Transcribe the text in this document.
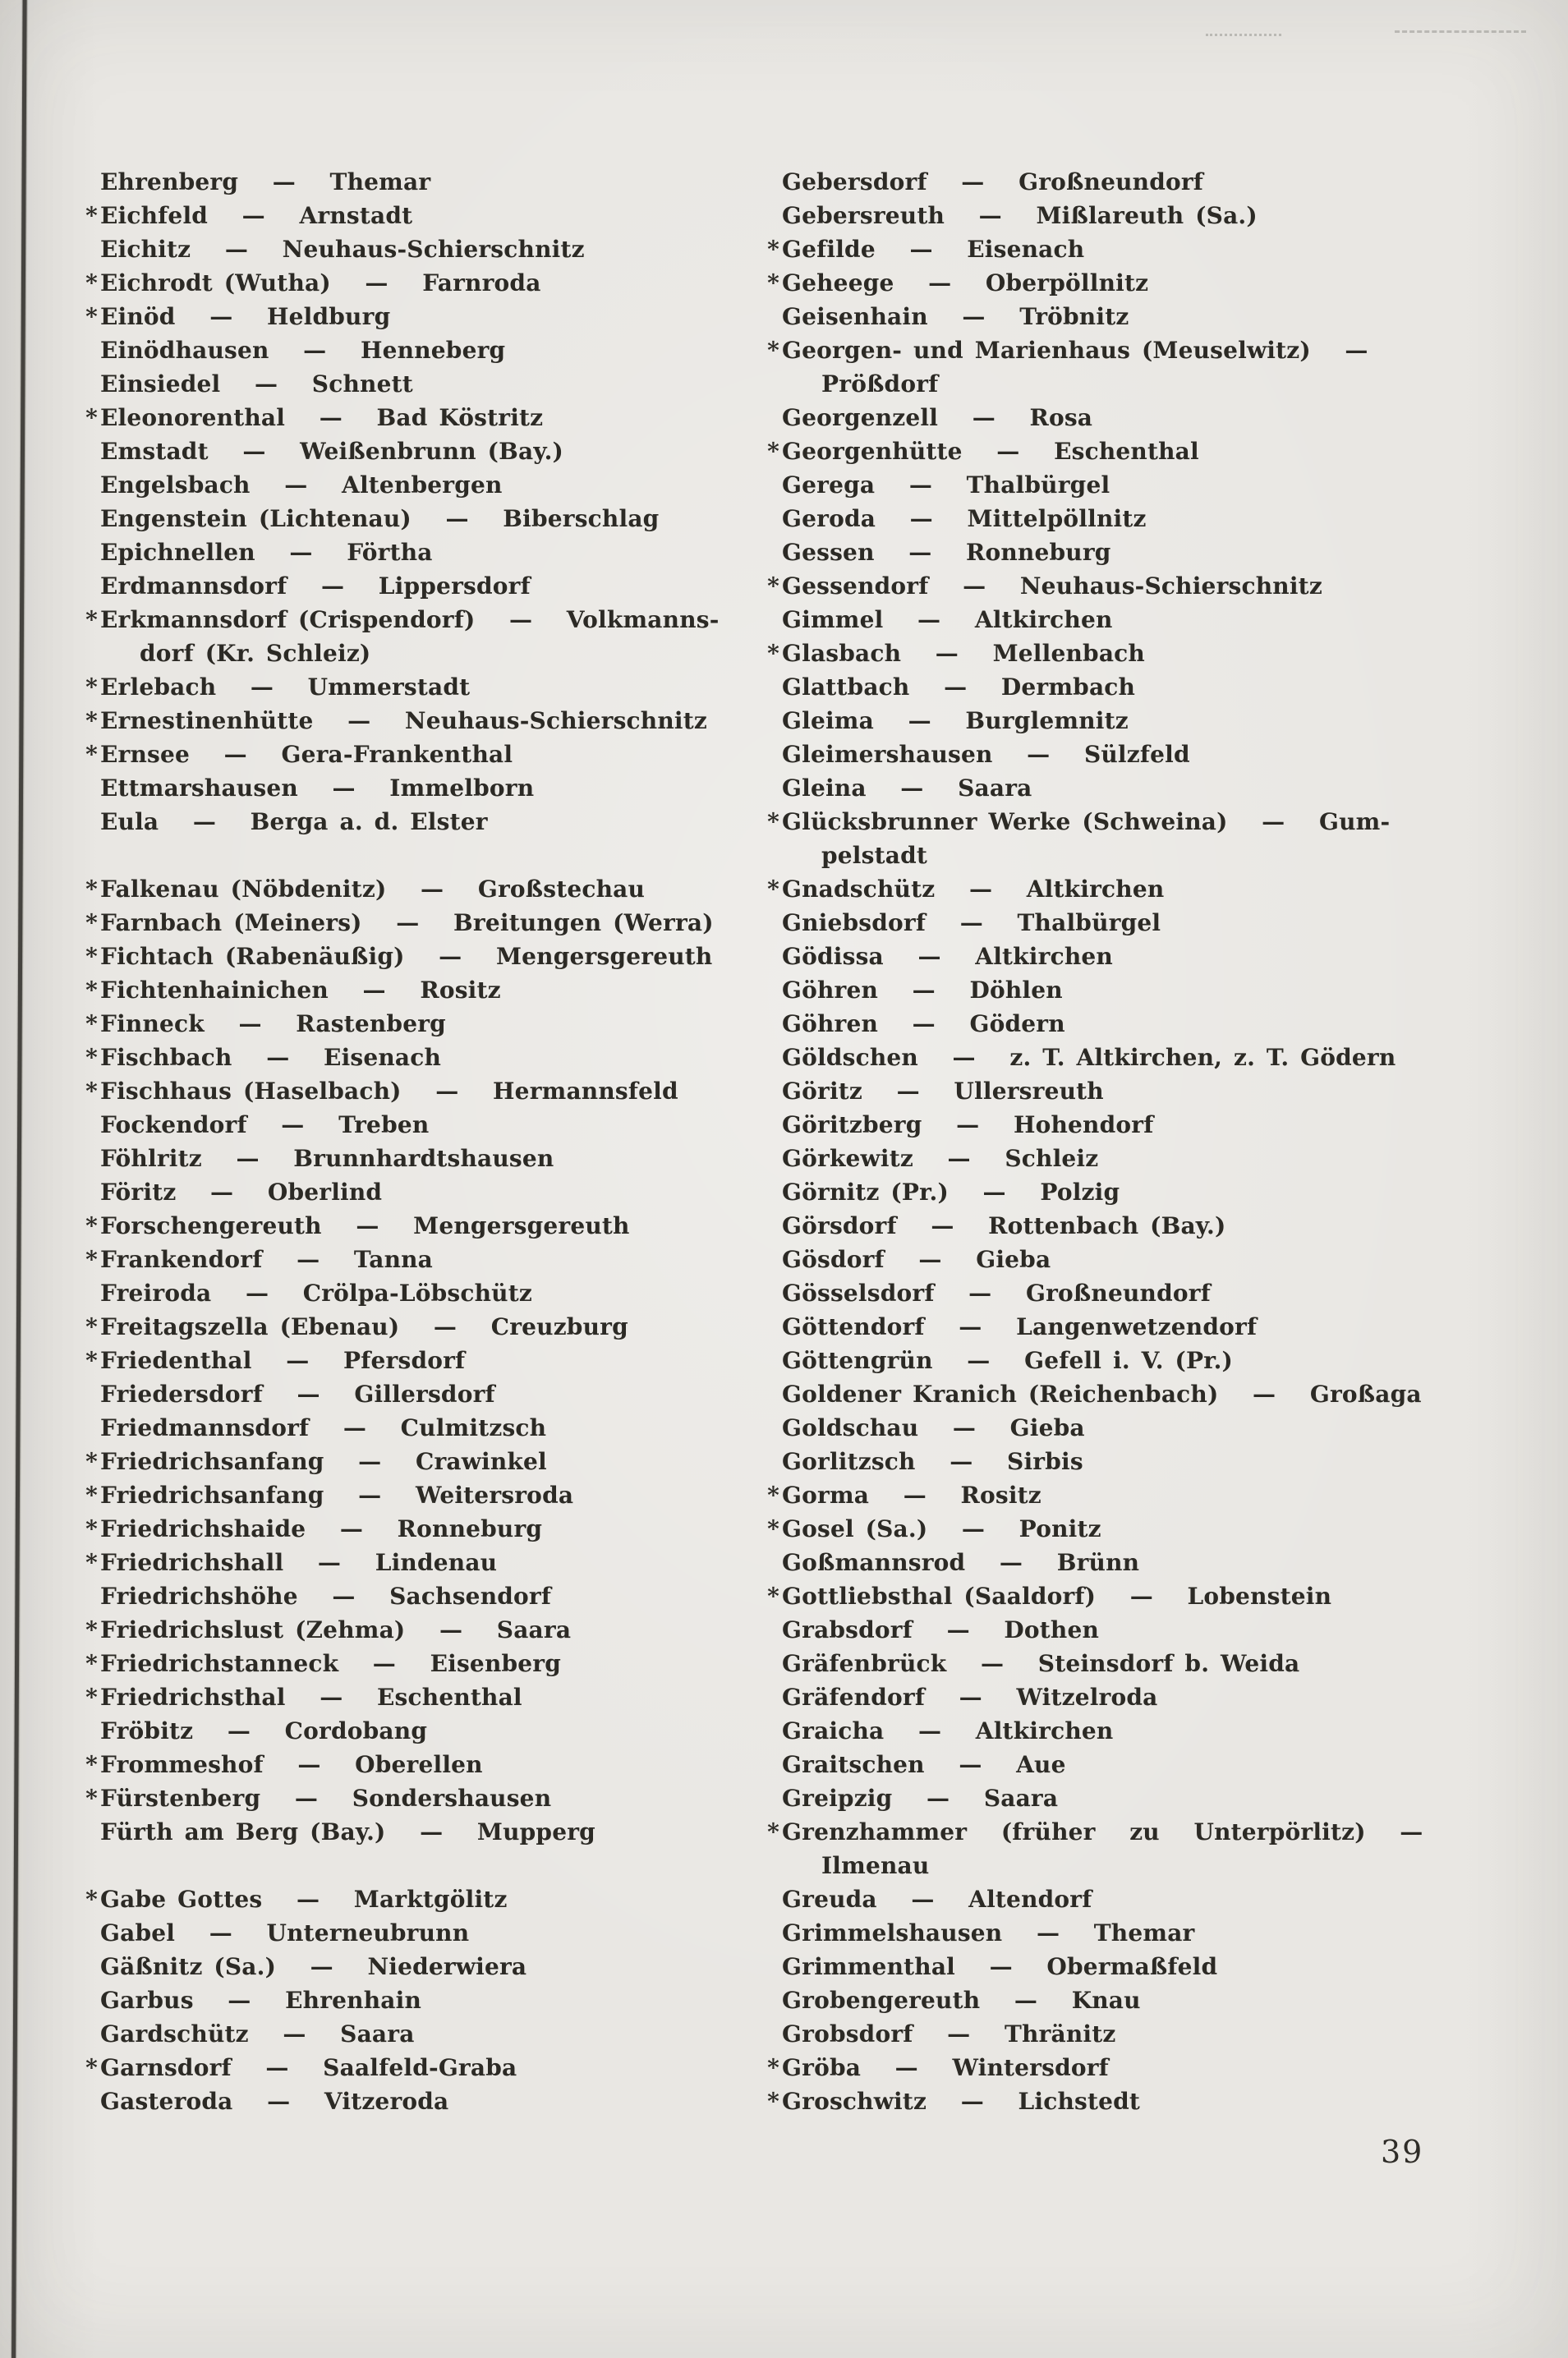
Ehrenberg   —   Themar
* Eichfeld   —   Arnstadt
Eichitz   —   Neuhaus-Schierschnitz
* Eichrodt (Wutha)   —   Farnroda
* Einöd   —   Heldburg
Einödhausen   —   Henneberg
Einsiedel   —   Schnett
* Eleonorenthal   —   Bad Köstritz
Emstadt   —   Weißenbrunn (Bay.)
Engelsbach   —   Altenbergen
Engenstein (Lichtenau)   —   Biberschlag
Epichnellen   —   Förtha
Erdmannsdorf   —   Lippersdorf
* Erkmannsdorf (Crispendorf)   —   Volkmanns-
dorf (Kr. Schleiz)
* Erlebach   —   Ummerstadt
* Ernestinenhütte   —   Neuhaus-Schierschnitz
* Ernsee   —   Gera-Frankenthal
Ettmarshausen   —   Immelborn
Eula   —   Berga a. d. Elster
* Falkenau (Nöbdenitz)   —   Großstechau
* Farnbach (Meiners)   —   Breitungen (Werra)
* Fichtach (Rabenäußig)   —   Mengersgereuth
* Fichtenhainichen   —   Rositz
* Finneck   —   Rastenberg
* Fischbach   —   Eisenach
* Fischhaus (Haselbach)   —   Hermannsfeld
Fockendorf   —   Treben
Föhlritz   —   Brunnhardtshausen
Föritz   —   Oberlind
* Forschengereuth   —   Mengersgereuth
* Frankendorf   —   Tanna
Freiroda   —   Crölpa-Löbschütz
* Freitagszella (Ebenau)   —   Creuzburg
* Friedenthal   —   Pfersdorf
Friedersdorf   —   Gillersdorf
Friedmannsdorf   —   Culmitzsch
* Friedrichsanfang   —   Crawinkel
* Friedrichsanfang   —   Weitersroda
* Friedrichshaide   —   Ronneburg
* Friedrichshall   —   Lindenau
Friedrichshöhe   —   Sachsendorf
* Friedrichslust (Zehma)   —   Saara
* Friedrichstanneck   —   Eisenberg
* Friedrichsthal   —   Eschenthal
Fröbitz   —   Cordobang
* Frommeshof   —   Oberellen
* Fürstenberg   —   Sondershausen
Fürth am Berg (Bay.)   —   Mupperg
* Gabe Gottes   —   Marktgölitz
Gabel   —   Unterneubrunn
Gäßnitz (Sa.)   —   Niederwiera
Garbus   —   Ehrenhain
Gardschütz   —   Saara
* Garnsdorf   —   Saalfeld-Graba
Gasteroda   —   Vitzeroda
Gebersdorf   —   Großneundorf
Gebersreuth   —   Mißlareuth (Sa.)
* Gefilde   —   Eisenach
* Geheege   —   Oberpöllnitz
Geisenhain   —   Tröbnitz
* Georgen- und Marienhaus (Meuselwitz)   —
Prößdorf
Georgenzell   —   Rosa
* Georgenhütte   —   Eschenthal
Gerega   —   Thalbürgel
Geroda   —   Mittelpöllnitz
Gessen   —   Ronneburg
* Gessendorf   —   Neuhaus-Schierschnitz
Gimmel   —   Altkirchen
* Glasbach   —   Mellenbach
Glattbach   —   Dermbach
Gleima   —   Burglemnitz
Gleimershausen   —   Sülzfeld
Gleina   —   Saara
* Glücksbrunner Werke (Schweina)   —   Gum-
pelstadt
* Gnadschütz   —   Altkirchen
Gniebsdorf   —   Thalbürgel
Gödissa   —   Altkirchen
Göhren   —   Döhlen
Göhren   —   Gödern
Göldschen   —   z. T. Altkirchen, z. T. Gödern
Göritz   —   Ullersreuth
Göritzberg   —   Hohendorf
Görkewitz   —   Schleiz
Görnitz (Pr.)   —   Polzig
Görsdorf   —   Rottenbach (Bay.)
Gösdorf   —   Gieba
Gösselsdorf   —   Großneundorf
Göttendorf   —   Langenwetzendorf
Göttengrün   —   Gefell i. V. (Pr.)
Goldener Kranich (Reichenbach)   —   Großaga
Goldschau   —   Gieba
Gorlitzsch   —   Sirbis
* Gorma   —   Rositz
* Gosel (Sa.)   —   Ponitz
Goßmannsrod   —   Brünn
* Gottliebsthal (Saaldorf)   —   Lobenstein
Grabsdorf   —   Dothen
Gräfenbrück   —   Steinsdorf b. Weida
Gräfendorf   —   Witzelroda
Graicha   —   Altkirchen
Graitschen   —   Aue
Greipzig   —   Saara
* Grenzhammer   (früher   zu   Unterpörlitz)   —
Ilmenau
Greuda   —   Altendorf
Grimmelshausen   —   Themar
Grimmenthal   —   Obermaßfeld
Grobengereuth   —   Knau
Grobsdorf   —   Thränitz
* Gröba   —   Wintersdorf
* Groschwitz   —   Lichstedt
39
